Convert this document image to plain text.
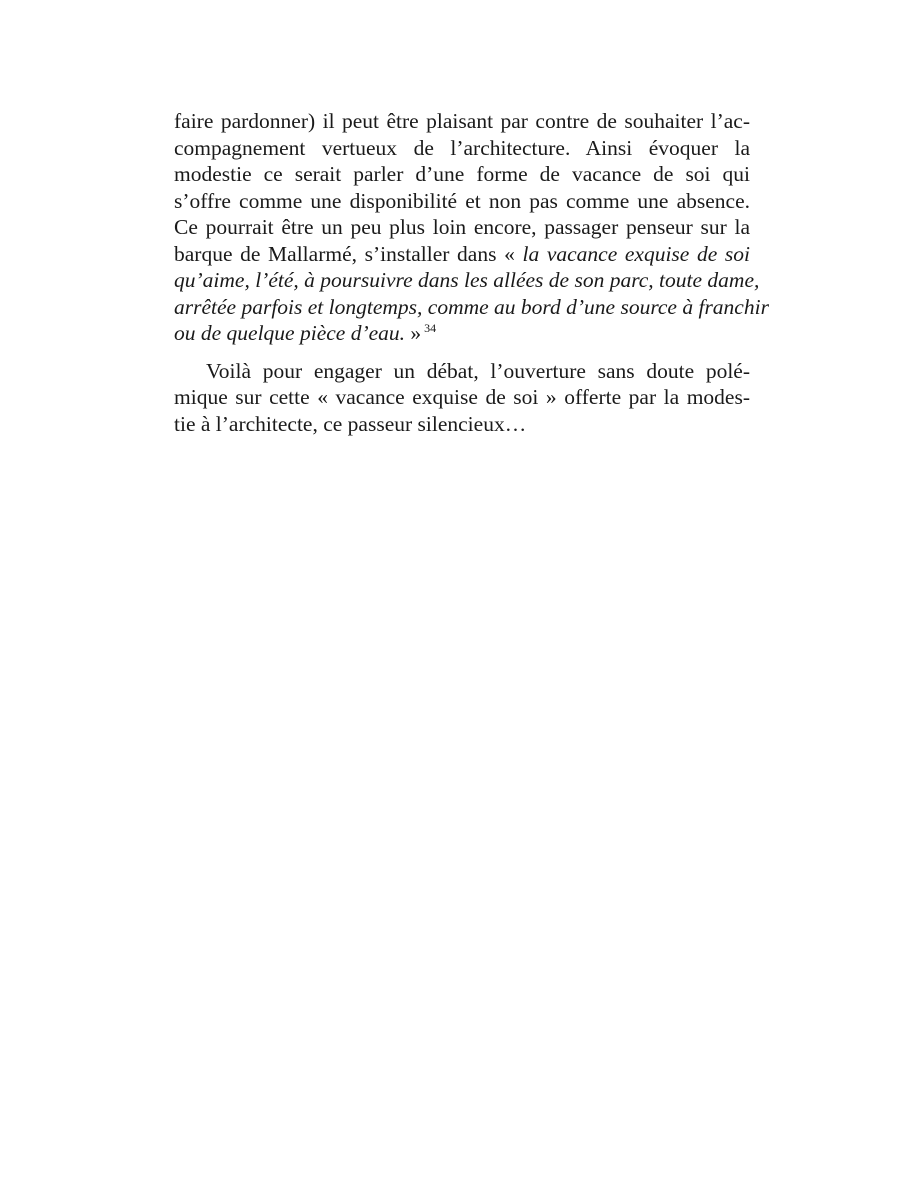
faire pardonner) il peut être plaisant par contre de souhaiter l’ac-
compagnement vertueux de l’architecture. Ainsi évoquer la
modestie ce serait parler d’une forme de vacance de soi qui
s’offre comme une disponibilité et non pas comme une absence.
Ce pourrait être un peu plus loin encore, passager penseur sur la
barque de Mallarmé, s’installer dans « la vacance exquise de soi
qu’aime, l’été, à poursuivre dans les allées de son parc, toute dame,
arrêtée parfois et longtemps, comme au bord d’une source à franchir
ou de quelque pièce d’eau. » $^{34}$
Voilà pour engager un débat, l’ouverture sans doute polé-
mique sur cette « vacance exquise de soi » offerte par la modes-
tie à l’architecte, ce passeur silencieux…
